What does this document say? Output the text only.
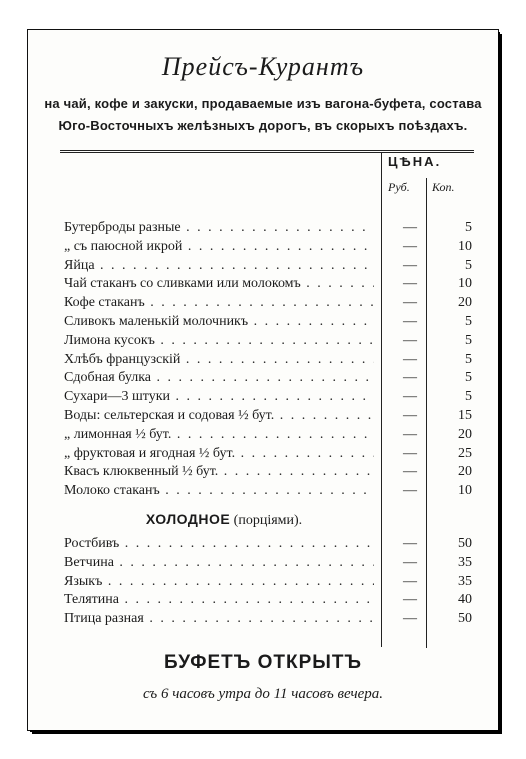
Прейсъ-Курантъ
на чай, кофе и закуски, продаваемые изъ вагона-буфета, состава
Юго-Восточныхъ желѣзныхъ дорогъ, въ скорыхъ поѣздахъ.
ЦѢНА.
Руб. Коп.
Бутерброды разные . . .	—	5
„ съ паюсной икрой . . .	—	10
Яйца . . .	—	5
Чай стаканъ со сливками или молокомъ . . .	—	10
Кофе стаканъ . . .	—	20
Сливокъ маленькій молочникъ . . .	—	5
Лимона кусокъ . . .	—	5
Хлѣбъ французскій . . .	—	5
Сдобная булка . . .	—	5
Сухари—3 штуки . . .	—	5
Воды: сельтерская и содовая ½ бут. . . .	—	15
„ лимонная ½ бут. . . .	—	20
„ фруктовая и ягодная ½ бут. . . .	—	25
Квасъ клюквенный ½ бут. . . .	—	20
Молоко стаканъ . . .	—	10
ХОЛОДНОЕ (порціями).
Ростбивъ . . .	—	50
Ветчина . . .	—	35
Языкъ . . .	—	35
Телятина . . .	—	40
Птица разная . . .	—	50
БУФЕТЪ ОТКРЫТЪ
съ 6 часовъ утра до 11 часовъ вечера.
